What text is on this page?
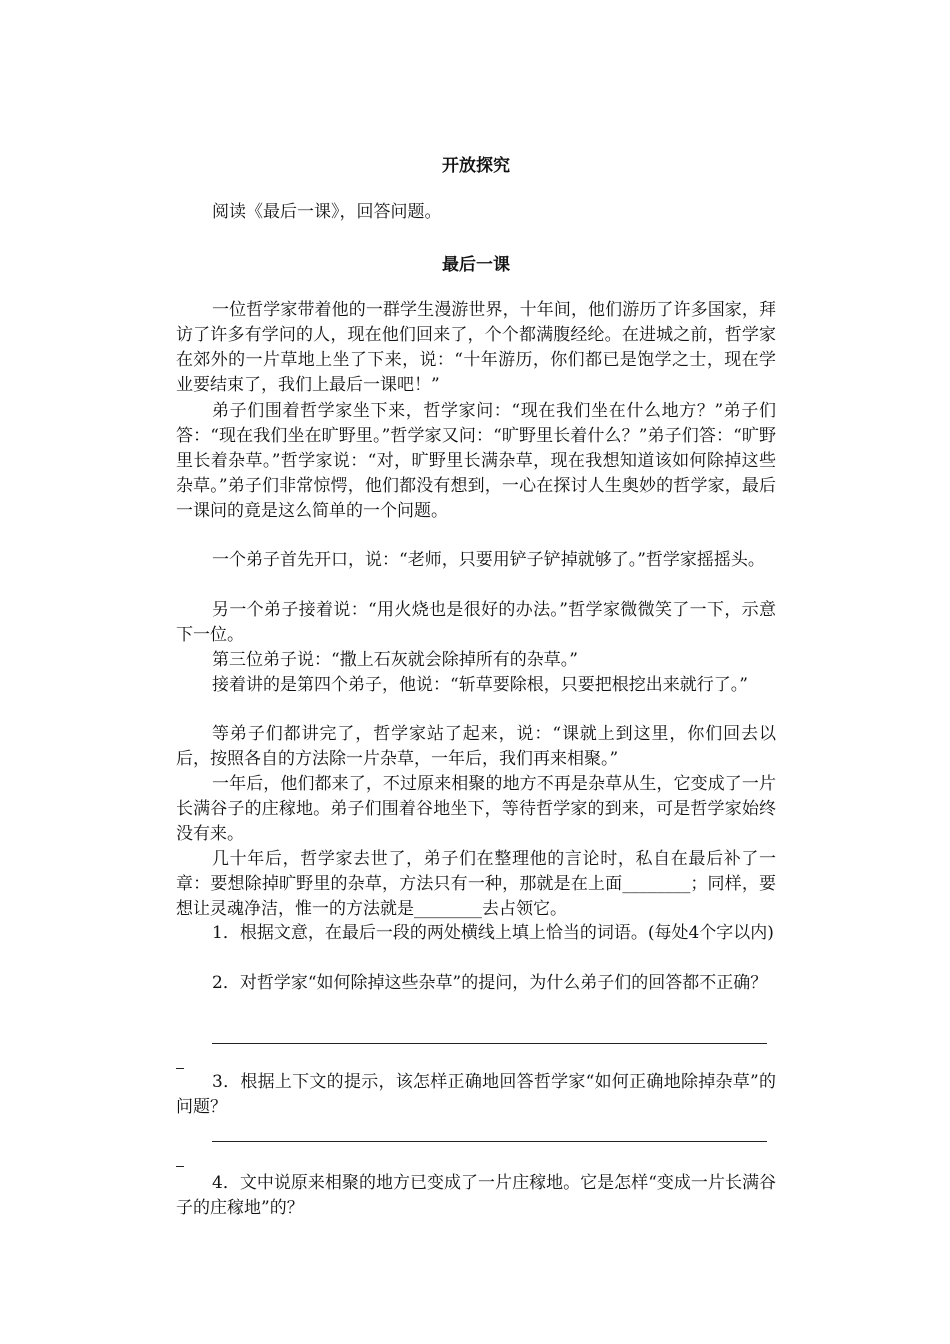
开放探究

阅读《最后一课》，回答问题。

最后一课

一位哲学家带着他的一群学生漫游世界，十年间，他们游历了许多国家，拜访了许多有学问的人，现在他们回来了，个个都满腹经纶。在进城之前，哲学家在郊外的一片草地上坐了下来，说：“十年游历，你们都已是饱学之士，现在学业要结束了，我们上最后一课吧！”

弟子们围着哲学家坐下来，哲学家问：“现在我们坐在什么地方？”弟子们答：“现在我们坐在旷野里。”哲学家又问：“旷野里长着什么？”弟子们答：“旷野里长着杂草。”哲学家说：“对，旷野里长满杂草，现在我想知道该如何除掉这些杂草。”弟子们非常惊愕，他们都没有想到，一心在探讨人生奥妙的哲学家，最后一课问的竟是这么简单的一个问题。

一个弟子首先开口，说：“老师，只要用铲子铲掉就够了。”哲学家摇摇头。

另一个弟子接着说：“用火烧也是很好的办法。”哲学家微微笑了一下，示意下一位。

第三位弟子说：“撒上石灰就会除掉所有的杂草。”

接着讲的是第四个弟子，他说：“斩草要除根，只要把根挖出来就行了。”

等弟子们都讲完了，哲学家站了起来，说：“课就上到这里，你们回去以后，按照各自的方法除一片杂草，一年后，我们再来相聚。”

一年后，他们都来了，不过原来相聚的地方不再是杂草从生，它变成了一片长满谷子的庄稼地。弟子们围着谷地坐下，等待哲学家的到来，可是哲学家始终没有来。

几十年后，哲学家去世了，弟子们在整理他的言论时，私自在最后补了一章：要想除掉旷野里的杂草，方法只有一种，那就是在上面________；同样，要想让灵魂净洁，惟一的方法就是________去占领它。

1．根据文意，在最后一段的两处横线上填上恰当的词语。(每处4个字以内)

2．对哲学家“如何除掉这些杂草”的提问，为什么弟子们的回答都不正确？

3．根据上下文的提示，该怎样正确地回答哲学家“如何正确地除掉杂草”的问题？

4．文中说原来相聚的地方已变成了一片庄稼地。它是怎样“变成一片长满谷子的庄稼地”的？
